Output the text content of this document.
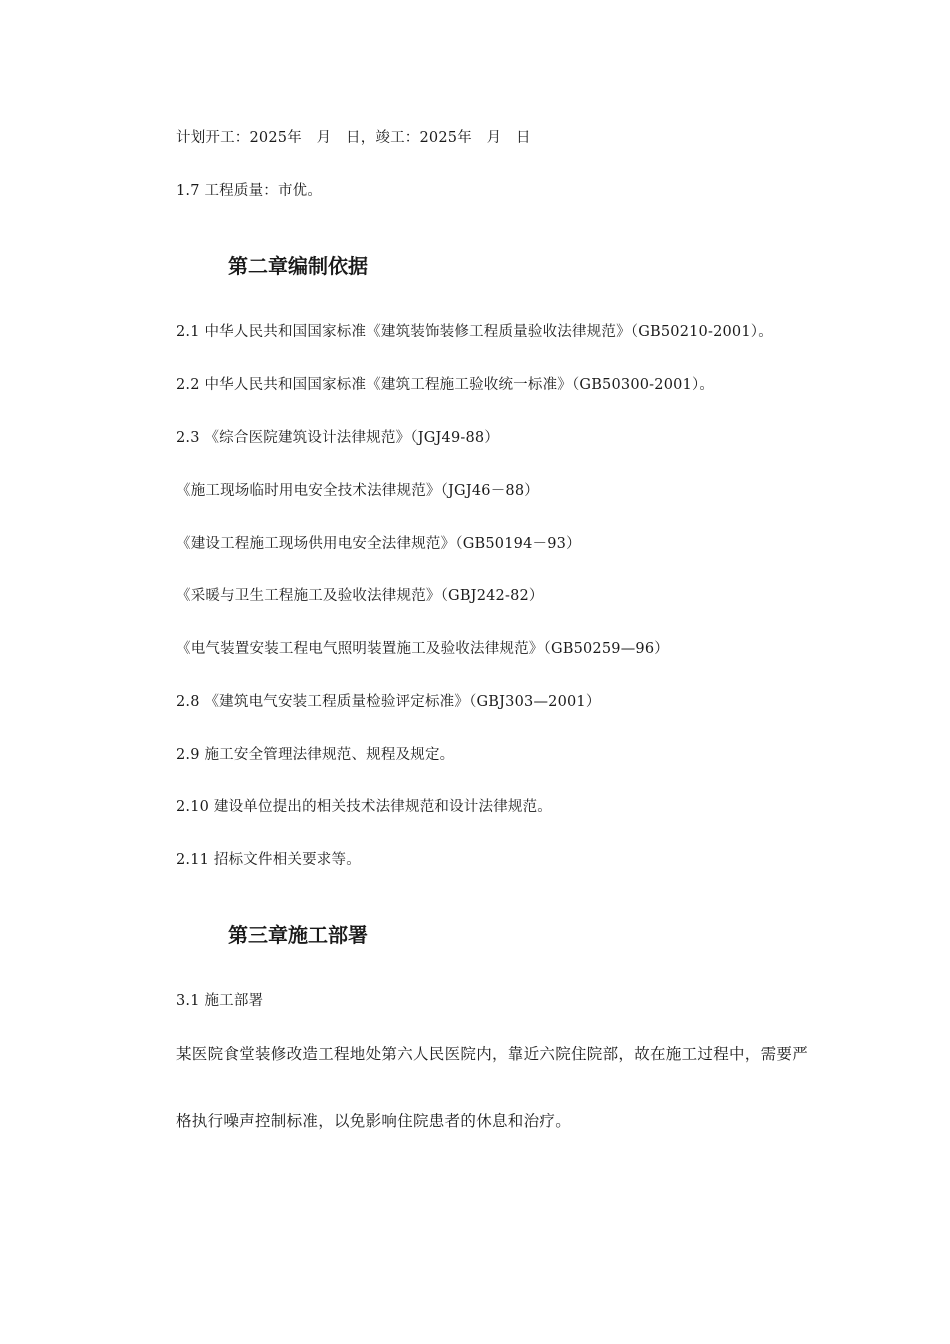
计划开工：2025年　月　日，竣工：2025年　月　日
1.7 工程质量：市优。
第二章编制依据
2.1 中华人民共和国国家标准《建筑装饰装修工程质量验收法律规范》（GB50210-2001）。
2.2 中华人民共和国国家标准《建筑工程施工验收统一标准》（GB50300-2001）。
2.3 《综合医院建筑设计法律规范》（JGJ49-88）
《施工现场临时用电安全技术法律规范》（JGJ46－88）
《建设工程施工现场供用电安全法律规范》（GB50194－93）
《采暖与卫生工程施工及验收法律规范》（GBJ242-82）
《电气装置安装工程电气照明装置施工及验收法律规范》（GB50259—96）
2.8 《建筑电气安装工程质量检验评定标准》（GBJ303—2001）
2.9 施工安全管理法律规范、规程及规定。
2.10 建设单位提出的相关技术法律规范和设计法律规范。
2.11 招标文件相关要求等。
第三章施工部署
3.1 施工部署
某医院食堂装修改造工程地处第六人民医院内，靠近六院住院部，故在施工过程中，需要严
格执行噪声控制标准，以免影响住院患者的休息和治疗。
